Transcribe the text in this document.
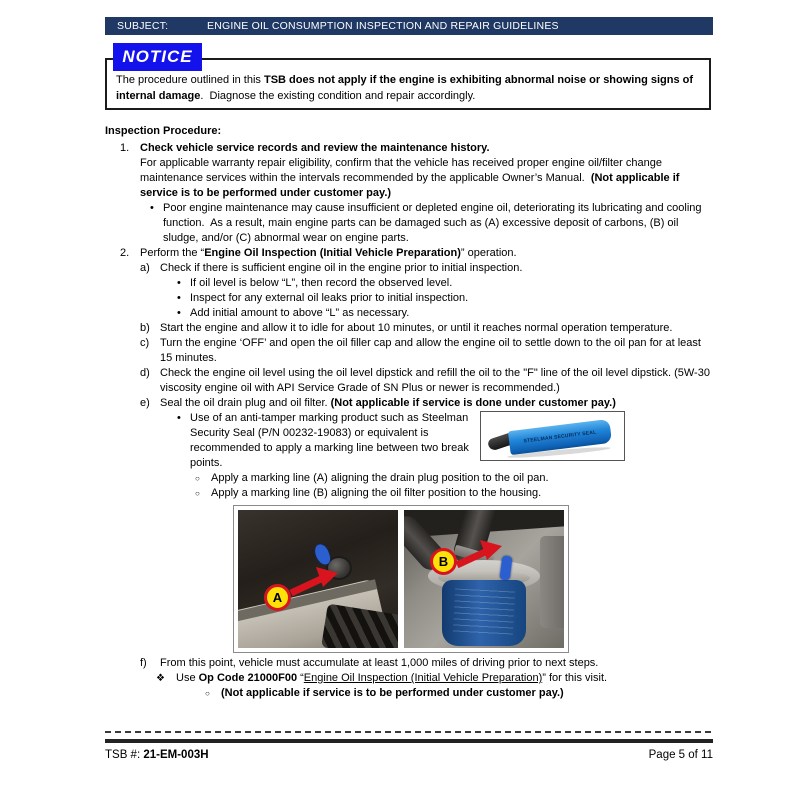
SUBJECT:	ENGINE OIL CONSUMPTION INSPECTION AND REPAIR GUIDELINES
NOTICE
The procedure outlined in this TSB does not apply if the engine is exhibiting abnormal noise or showing signs of internal damage.  Diagnose the existing condition and repair accordingly.
Inspection Procedure:
1. Check vehicle service records and review the maintenance history.
For applicable warranty repair eligibility, confirm that the vehicle has received proper engine oil/filter change maintenance services within the intervals recommended by the applicable Owner’s Manual.  (Not applicable if service is to be performed under customer pay.)
• Poor engine maintenance may cause insufficient or depleted engine oil, deteriorating its lubricating and cooling function.  As a result, main engine parts can be damaged such as (A) excessive deposit of carbons, (B) oil sludge, and/or (C) abnormal wear on engine parts.
2. Perform the “Engine Oil Inspection (Initial Vehicle Preparation)” operation.
a) Check if there is sufficient engine oil in the engine prior to initial inspection.
• If oil level is below “L”, then record the observed level.
• Inspect for any external oil leaks prior to initial inspection.
• Add initial amount to above “L” as necessary.
b) Start the engine and allow it to idle for about 10 minutes, or until it reaches normal operation temperature.
c) Turn the engine ‘OFF’ and open the oil filler cap and allow the engine oil to settle down to the oil pan for at least 15 minutes.
d) Check the engine oil level using the oil level dipstick and refill the oil to the "F" line of the oil level dipstick. (5W-30 viscosity engine oil with API Service Grade of SN Plus or newer is recommended.)
e) Seal the oil drain plug and oil filter. (Not applicable if service is done under customer pay.)
•
STEELMAN SECURITY SEAL
Use of an anti-tamper marking product such as Steelman Security Seal (P/N 00232-19083) or equivalent is recommended to apply a marking line between two break points.
○	Apply a marking line (A) aligning the drain plug position to the oil pan.
○	Apply a marking line (B) aligning the oil filter position to the housing.
A
B
f)	From this point, vehicle must accumulate at least 1,000 miles of driving prior to next steps.
❖	Use Op Code 21000F00 “Engine Oil Inspection (Initial Vehicle Preparation)” for this visit.
○	(Not applicable if service is to be performed under customer pay.)
TSB #: 21-EM-003H	Page 5 of 11
